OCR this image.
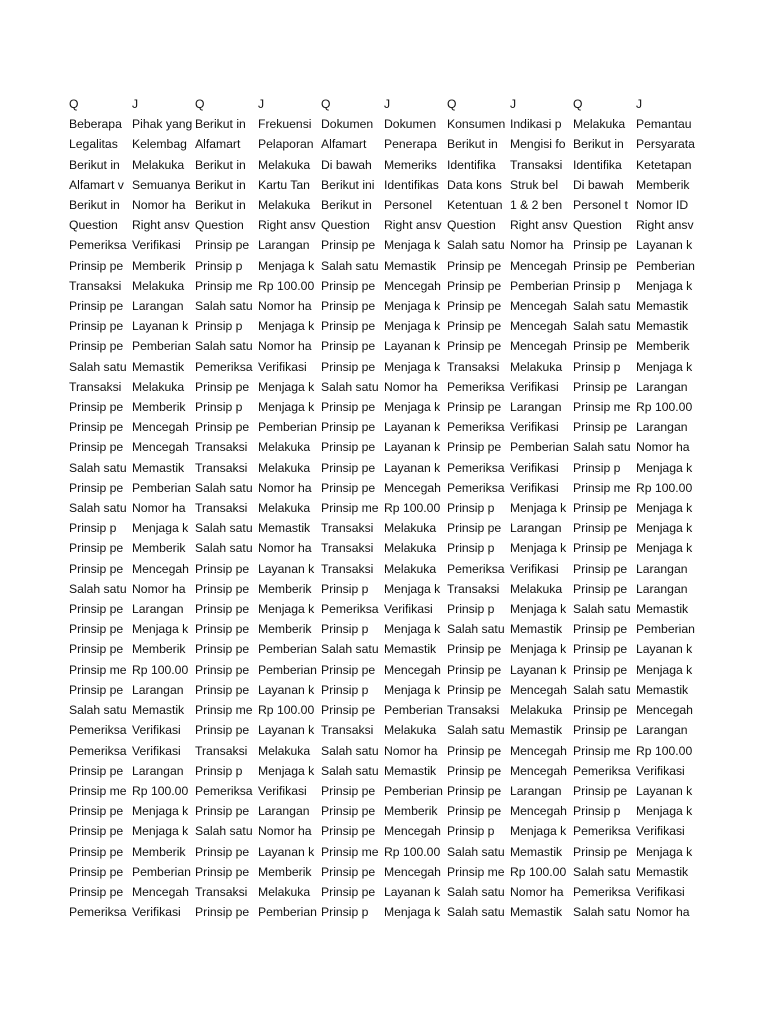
Q	J	Q	J	Q	J	Q	J	Q	J
Beberapa	Pihak yang	Berikut in	Frekuensi	Dokumen	Dokumen	Konsumen	Indikasi p	Melakuka	Pemantau
Legalitas	Kelembag	Alfamart	Pelaporan	Alfamart	Penerapa	Berikut in	Mengisi fo	Berikut in	Persyarata
Berikut in	Melakuka	Berikut in	Melakuka	Di bawah	Memeriks	Identifika	Transaksi	Identifika	Ketetapan
Alfamart v	Semuanya	Berikut in	Kartu Tan	Berikut ini	Identifikas	Data kons	Struk bel	Di bawah	Memberik
Berikut in	Nomor ha	Berikut in	Melakuka	Berikut in	Personel	Ketentuan	1 & 2 ben	Personel t	Nomor ID
Question	Right ansv	Question	Right ansv	Question	Right ansv	Question	Right ansv	Question	Right ansv
Pemeriksa	Verifikasi	Prinsip pe	Larangan	Prinsip pe	Menjaga k	Salah satu	Nomor ha	Prinsip pe	Layanan k
Prinsip pe	Memberik	Prinsip p	Menjaga k	Salah satu	Memastik	Prinsip pe	Mencegah	Prinsip pe	Pemberian
Transaksi	Melakuka	Prinsip me	Rp 100.00	Prinsip pe	Mencegah	Prinsip pe	Pemberian	Prinsip p	Menjaga k
Prinsip pe	Larangan	Salah satu	Nomor ha	Prinsip pe	Menjaga k	Prinsip pe	Mencegah	Salah satu	Memastik
Prinsip pe	Layanan k	Prinsip p	Menjaga k	Prinsip pe	Menjaga k	Prinsip pe	Mencegah	Salah satu	Memastik
Prinsip pe	Pemberian	Salah satu	Nomor ha	Prinsip pe	Layanan k	Prinsip pe	Mencegah	Prinsip pe	Memberik
Salah satu	Memastik	Pemeriksa	Verifikasi	Prinsip pe	Menjaga k	Transaksi	Melakuka	Prinsip p	Menjaga k
Transaksi	Melakuka	Prinsip pe	Menjaga k	Salah satu	Nomor ha	Pemeriksa	Verifikasi	Prinsip pe	Larangan
Prinsip pe	Memberik	Prinsip p	Menjaga k	Prinsip pe	Menjaga k	Prinsip pe	Larangan	Prinsip me	Rp 100.00
Prinsip pe	Mencegah	Prinsip pe	Pemberian	Prinsip pe	Layanan k	Pemeriksa	Verifikasi	Prinsip pe	Larangan
Prinsip pe	Mencegah	Transaksi	Melakuka	Prinsip pe	Layanan k	Prinsip pe	Pemberian	Salah satu	Nomor ha
Salah satu	Memastik	Transaksi	Melakuka	Prinsip pe	Layanan k	Pemeriksa	Verifikasi	Prinsip p	Menjaga k
Prinsip pe	Pemberian	Salah satu	Nomor ha	Prinsip pe	Mencegah	Pemeriksa	Verifikasi	Prinsip me	Rp 100.00
Salah satu	Nomor ha	Transaksi	Melakuka	Prinsip me	Rp 100.00	Prinsip p	Menjaga k	Prinsip pe	Menjaga k
Prinsip p	Menjaga k	Salah satu	Memastik	Transaksi	Melakuka	Prinsip pe	Larangan	Prinsip pe	Menjaga k
Prinsip pe	Memberik	Salah satu	Nomor ha	Transaksi	Melakuka	Prinsip p	Menjaga k	Prinsip pe	Menjaga k
Prinsip pe	Mencegah	Prinsip pe	Layanan k	Transaksi	Melakuka	Pemeriksa	Verifikasi	Prinsip pe	Larangan
Salah satu	Nomor ha	Prinsip pe	Memberik	Prinsip p	Menjaga k	Transaksi	Melakuka	Prinsip pe	Larangan
Prinsip pe	Larangan	Prinsip pe	Menjaga k	Pemeriksa	Verifikasi	Prinsip p	Menjaga k	Salah satu	Memastik
Prinsip pe	Menjaga k	Prinsip pe	Memberik	Prinsip p	Menjaga k	Salah satu	Memastik	Prinsip pe	Pemberian
Prinsip pe	Memberik	Prinsip pe	Pemberian	Salah satu	Memastik	Prinsip pe	Menjaga k	Prinsip pe	Layanan k
Prinsip me	Rp 100.00	Prinsip pe	Pemberian	Prinsip pe	Mencegah	Prinsip pe	Layanan k	Prinsip pe	Menjaga k
Prinsip pe	Larangan	Prinsip pe	Layanan k	Prinsip p	Menjaga k	Prinsip pe	Mencegah	Salah satu	Memastik
Salah satu	Memastik	Prinsip me	Rp 100.00	Prinsip pe	Pemberian	Transaksi	Melakuka	Prinsip pe	Mencegah
Pemeriksa	Verifikasi	Prinsip pe	Layanan k	Transaksi	Melakuka	Salah satu	Memastik	Prinsip pe	Larangan
Pemeriksa	Verifikasi	Transaksi	Melakuka	Salah satu	Nomor ha	Prinsip pe	Mencegah	Prinsip me	Rp 100.00
Prinsip pe	Larangan	Prinsip p	Menjaga k	Salah satu	Memastik	Prinsip pe	Mencegah	Pemeriksa	Verifikasi
Prinsip me	Rp 100.00	Pemeriksa	Verifikasi	Prinsip pe	Pemberian	Prinsip pe	Larangan	Prinsip pe	Layanan k
Prinsip pe	Menjaga k	Prinsip pe	Larangan	Prinsip pe	Memberik	Prinsip pe	Mencegah	Prinsip p	Menjaga k
Prinsip pe	Menjaga k	Salah satu	Nomor ha	Prinsip pe	Mencegah	Prinsip p	Menjaga k	Pemeriksa	Verifikasi
Prinsip pe	Memberik	Prinsip pe	Layanan k	Prinsip me	Rp 100.00	Salah satu	Memastik	Prinsip pe	Menjaga k
Prinsip pe	Pemberian	Prinsip pe	Memberik	Prinsip pe	Mencegah	Prinsip me	Rp 100.00	Salah satu	Memastik
Prinsip pe	Mencegah	Transaksi	Melakuka	Prinsip pe	Layanan k	Salah satu	Nomor ha	Pemeriksa	Verifikasi
Pemeriksa	Verifikasi	Prinsip pe	Pemberian	Prinsip p	Menjaga k	Salah satu	Memastik	Salah satu	Nomor ha
